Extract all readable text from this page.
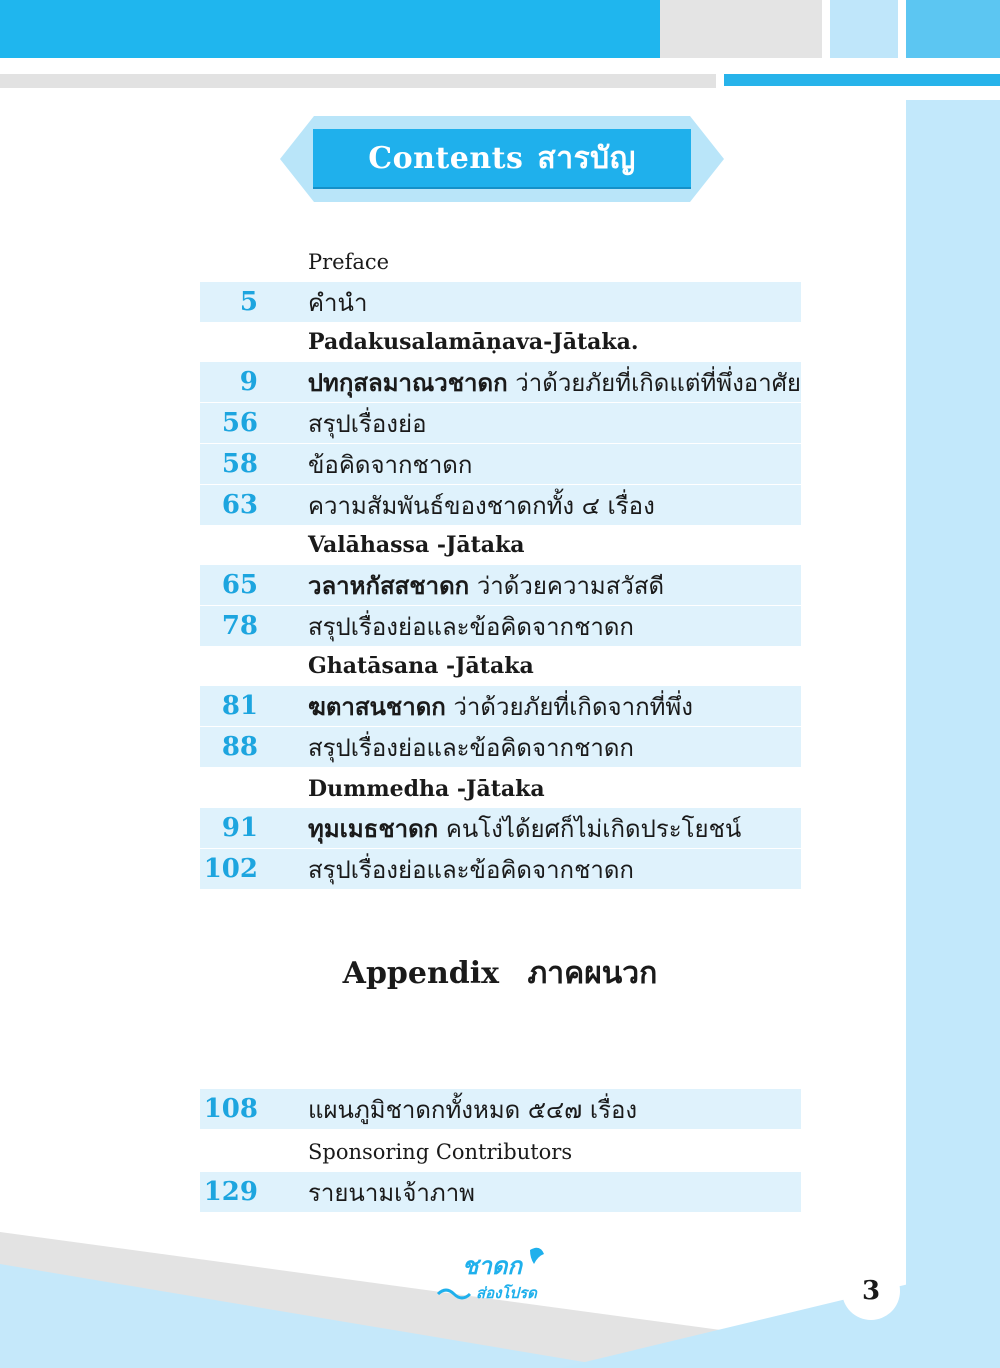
Contents สารบัญ
Preface
5 คำนำ
Padakusalamāṇava-Jātaka.
9 ปทกุสลมาณวชาดก ว่าด้วยภัยที่เกิดแต่ที่พึ่งอาศัย
56 สรุปเรื่องย่อ
58 ข้อคิดจากชาดก
63 ความสัมพันธ์ของชาดกทั้ง ๔ เรื่อง
Valāhassa -Jātaka
65 วลาหกัสสชาดก ว่าด้วยความสวัสดี
78 สรุปเรื่องย่อและข้อคิดจากชาดก
Ghatāsana -Jātaka
81 ฆตาสนชาดก ว่าด้วยภัยที่เกิดจากที่พึ่ง
88 สรุปเรื่องย่อและข้อคิดจากชาดก
Dummedha -Jātaka
91 ทุมเมธชาดก คนโง่ได้ยศก็ไม่เกิดประโยชน์
102 สรุปเรื่องย่อและข้อคิดจากชาดก
Appendix ภาคผนวก
108 แผนภูมิชาดกทั้งหมด ๕๔๗ เรื่อง
Sponsoring Contributors
129 รายนามเจ้าภาพ
ชาดก
ส่องโปรด	3
